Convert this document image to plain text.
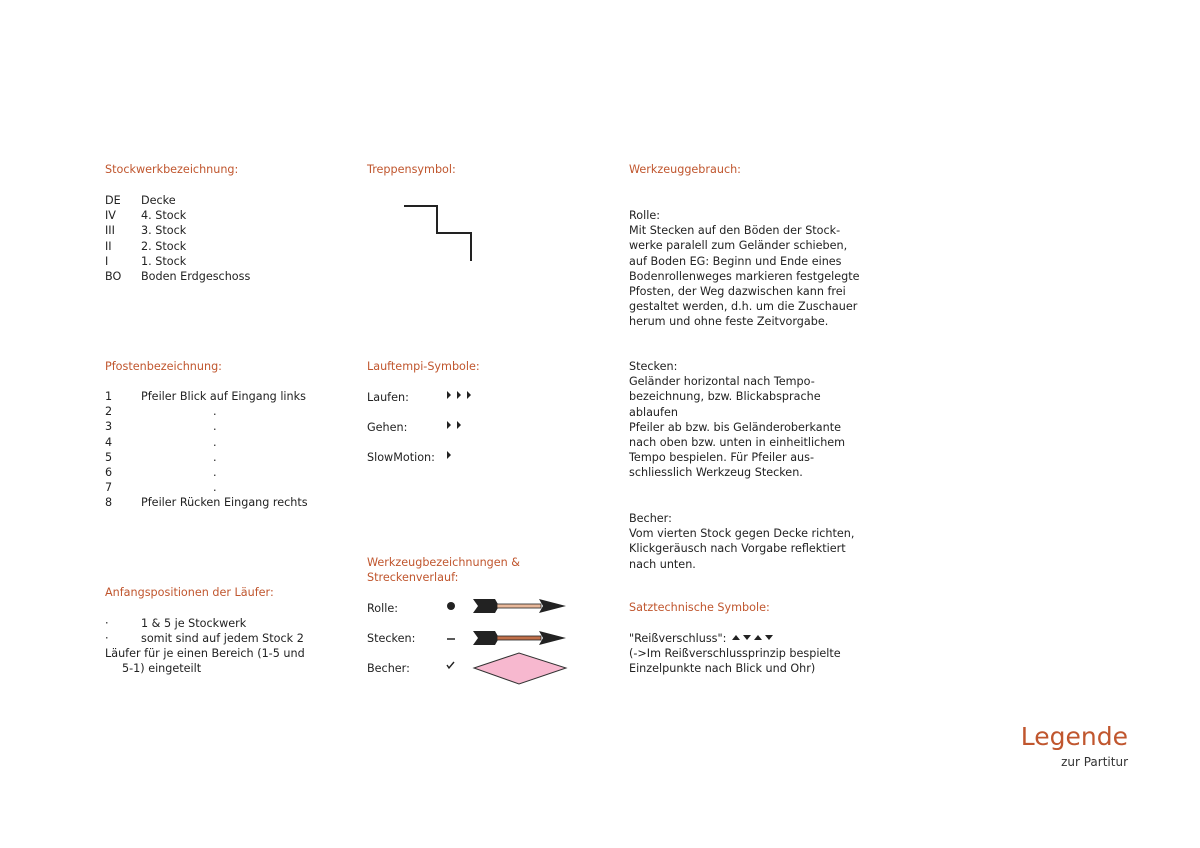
Stockwerkbezeichnung:
DE Decke
IV 4. Stock
III 3. Stock
II	2. Stock
I	1. Stock
BO Boden Erdgeschoss
Pfostenbezeichnung:
1	Pfeiler Blick auf Eingang links
2	.
3	.
4	.
5	.
6	.
7	.
8	Pfeiler Rücken Eingang rechts
Anfangspositionen der Läufer:
·	1 & 5 je Stockwerk
·	somit sind auf jedem Stock 2
Läufer für je einen Bereich (1-5 und
5-1) eingeteilt
Treppensymbol:
Lauftempi-Symbole:
Laufen:
Gehen:
SlowMotion:
Werkzeugbezeichnungen &
Streckenverlauf:
Rolle:
Stecken:
Becher:
Werkzeuggebrauch:
Rolle:
Mit Stecken auf den Böden der Stock-
werke paralell zum Geländer schieben,
auf Boden EG: Beginn und Ende eines
Bodenrollenweges markieren festgelegte
Pfosten, der Weg dazwischen kann frei
gestaltet werden, d.h. um die Zuschauer
herum und ohne feste Zeitvorgabe.
Stecken:
Geländer horizontal nach Tempo-
bezeichnung, bzw. Blickabsprache
ablaufen
Pfeiler ab bzw. bis Geländeroberkante
nach oben bzw. unten in einheitlichem
Tempo bespielen. Für Pfeiler aus-
schliesslich Werkzeug Stecken.
Becher:
Vom vierten Stock gegen Decke richten,
Klickgeräusch nach Vorgabe reflektiert
nach unten.
Satztechnische Symbole:
"Reißverschluss":
(->Im Reißverschlussprinzip bespielte
Einzelpunkte nach Blick und Ohr)
Legende
zur Partitur
